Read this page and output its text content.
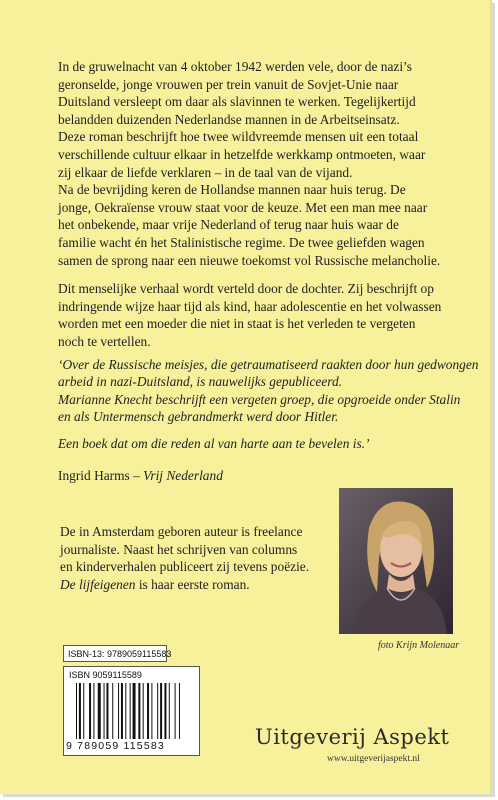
In de gruwelnacht van 4 oktober 1942 werden vele, door de nazi’s
geronselde, jonge vrouwen per trein vanuit de Sovjet-Unie naar
Duitsland versleept om daar als slavinnen te werken. Tegelijkertijd
belandden duizenden Nederlandse mannen in de Arbeitseinsatz.
Deze roman beschrijft hoe twee wildvreemde mensen uit een totaal
verschillende cultuur elkaar in hetzelfde werkkamp ontmoeten, waar
zij elkaar de liefde verklaren – in de taal van de vijand.
Na de bevrijding keren de Hollandse mannen naar huis terug. De
jonge, Oekraïense vrouw staat voor de keuze. Met een man mee naar
het onbekende, maar vrije Nederland of terug naar huis waar de
familie wacht én het Stalinistische regime. De twee geliefden wagen
samen de sprong naar een nieuwe toekomst vol Russische melancholie.

Dit menselijke verhaal wordt verteld door de dochter. Zij beschrijft op
indringende wijze haar tijd als kind, haar adolescentie en het volwassen
worden met een moeder die niet in staat is het verleden te vergeten
noch te vertellen.

‘Over de Russische meisjes, die getraumatiseerd raakten door hun gedwongen
arbeid in nazi-Duitsland, is nauwelijks gepubliceerd.
Marianne Knecht beschrijft een vergeten groep, die opgroeide onder Stalin
en als Untermensch gebrandmerkt werd door Hitler.
Een boek dat om die reden al van harte aan te bevelen is.’
Ingrid Harms – Vrij Nederland
De in Amsterdam geboren auteur is freelance
journaliste. Naast het schrijven van columns
en kinderverhalen publiceert zij tevens poëzie.
De lijfeigenen is haar eerste roman.
foto Krijn Molenaar
ISBN-13: 9789059115583
ISBN 9059115589
9 789059 115583	Uitgeverij Aspekt
www.uitgeverijaspekt.nl
